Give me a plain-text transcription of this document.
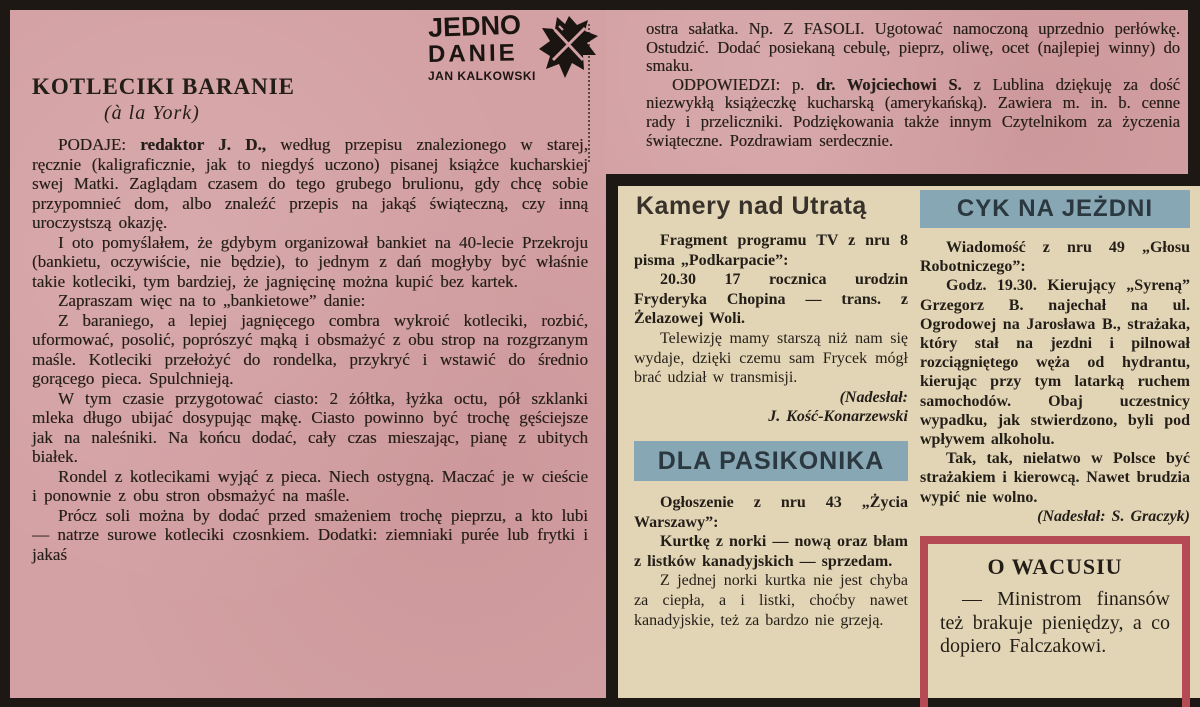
JEDNO
DANIE
JAN KALKOWSKI
KOTLECIKI BARANIE
(à la York)

PODAJE: redaktor J. D., według przepisu znalezionego w starej, ręcznie (kaligraficznie, jak to niegdyś uczono) pisanej książce kucharskiej swej Matki. Zaglądam czasem do tego grubego brulionu, gdy chcę sobie przypomnieć dom, albo znaleźć przepis na jakąś świąteczną, czy inną uroczystszą okazję.

I oto pomyślałem, że gdybym organizował bankiet na 40-lecie Przekroju (bankietu, oczywiście, nie będzie), to jednym z dań mogłyby być właśnie takie kotleciki, tym bardziej, że jagnięcinę można kupić bez kartek.

Zapraszam więc na to „bankietowe” danie:

Z baraniego, a lepiej jagnięcego combra wykroić kotleciki, rozbić, uformować, posolić, poprószyć mąką i obsmażyć z obu strop na rozgrzanym maśle. Kotleciki przełożyć do rondelka, przykryć i wstawić do średnio gorącego pieca. Spulchnieją.

W tym czasie przygotować ciasto: 2 żółtka, łyżka octu, pół szklanki mleka długo ubijać dosypując mąkę. Ciasto powinno być trochę gęściejsze jak na naleśniki. Na końcu dodać, cały czas mieszając, pianę z ubitych białek.

Rondel z kotlecikami wyjąć z pieca. Niech ostygną. Maczać je w cieście i ponownie z obu stron obsmażyć na maśle.

Prócz soli można by dodać przed smażeniem trochę pieprzu, a kto lubi — natrze surowe kotleciki czosnkiem. Dodatki: ziemniaki purée lub frytki i jakaś

ostra sałatka. Np. Z FASOLI. Ugotować namoczoną uprzednio perłówkę. Ostudzić. Dodać posiekaną cebulę, pieprz, oliwę, ocet (najlepiej winny) do smaku.

ODPOWIEDZI: p. dr. Wojciechowi S. z Lublina dziękuję za dość niezwykłą książeczkę kucharską (amerykańską). Zawiera m. in. b. cenne rady i przeliczniki. Podziękowania także innym Czytelnikom za życzenia świąteczne. Pozdrawiam serdecznie.

Kamery nad Utratą

Fragment programu TV z nru 8 pisma „Podkarpacie”:

20.30 17 rocznica urodzin Fryderyka Chopina — trans. z Żelazowej Woli.

Telewizję mamy starszą niż nam się wydaje, dzięki czemu sam Frycek mógł brać udział w transmisji.

(Nadesłał:

J. Kość-Konarzewski

DLA PASIKONIKA

Ogłoszenie z nru 43 „Życia Warszawy”:

Kurtkę z norki — nową oraz błam z listków kanadyjskich — sprzedam.

Z jednej norki kurtka nie jest chyba za ciepła, a i listki, choćby nawet kanadyjskie, też za bardzo nie grzeją.

CYK NA JEŻDNI

Wiadomość z nru 49 „Głosu Robotniczego”:

Godz. 19.30. Kierujący „Syreną” Grzegorz B. najechał na ul. Ogrodowej na Jarosława B., strażaka, który stał na jezdni i pilnował rozciągniętego węża od hydrantu, kierując przy tym latarką ruchem samochodów. Obaj uczestnicy wypadku, jak stwierdzono, byli pod wpływem alkoholu.

Tak, tak, niełatwo w Polsce być strażakiem i kierowcą. Nawet brudzia wypić nie wolno.

(Nadesłał: S. Graczyk)

O WACUSIU

— Ministrom finansów też brakuje pieniędzy, a co dopiero Falczakowi.
